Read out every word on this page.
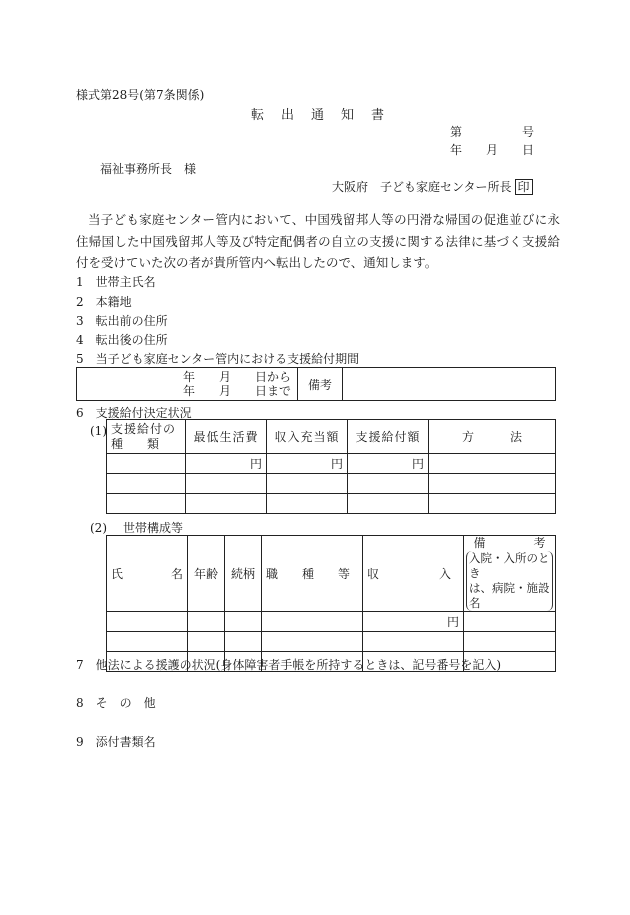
様式第28号(第7条関係)
転 出 通 知 書
第	号
年 月 日
福祉事務所長　様
大阪府　子ども家庭センター所長 印
当子ども家庭センター管内において、中国残留邦人等の円滑な帰国の促進並びに永住帰国した中国残留邦人等及び特定配偶者の自立の支援に関する法律に基づく支援給付を受けていた次の者が貴所管内へ転出したので、通知します。
1 世帯主氏名
2 本籍地
3 転出前の住所
4 転出後の住所
5 当子ども家庭センター管内における支援給付期間
年 月 日から
年 月 日まで	備考	
6 支援給付決定状況
(1) 支援給付の
種　　類	最低生活費	収入充当額	支援給付額	方　　　法
	円	円	円	

(2) 世帯構成等
氏　　　　名	年齢	続柄	職　　種　　等	収　　　　　入	備　　　　考
入院・入所のとき
は、病院・施設名

				円	

7 他法による援護の状況(身体障害者手帳を所持するときは、記号番号を記入)
8 そ　の　他
9 添付書類名
